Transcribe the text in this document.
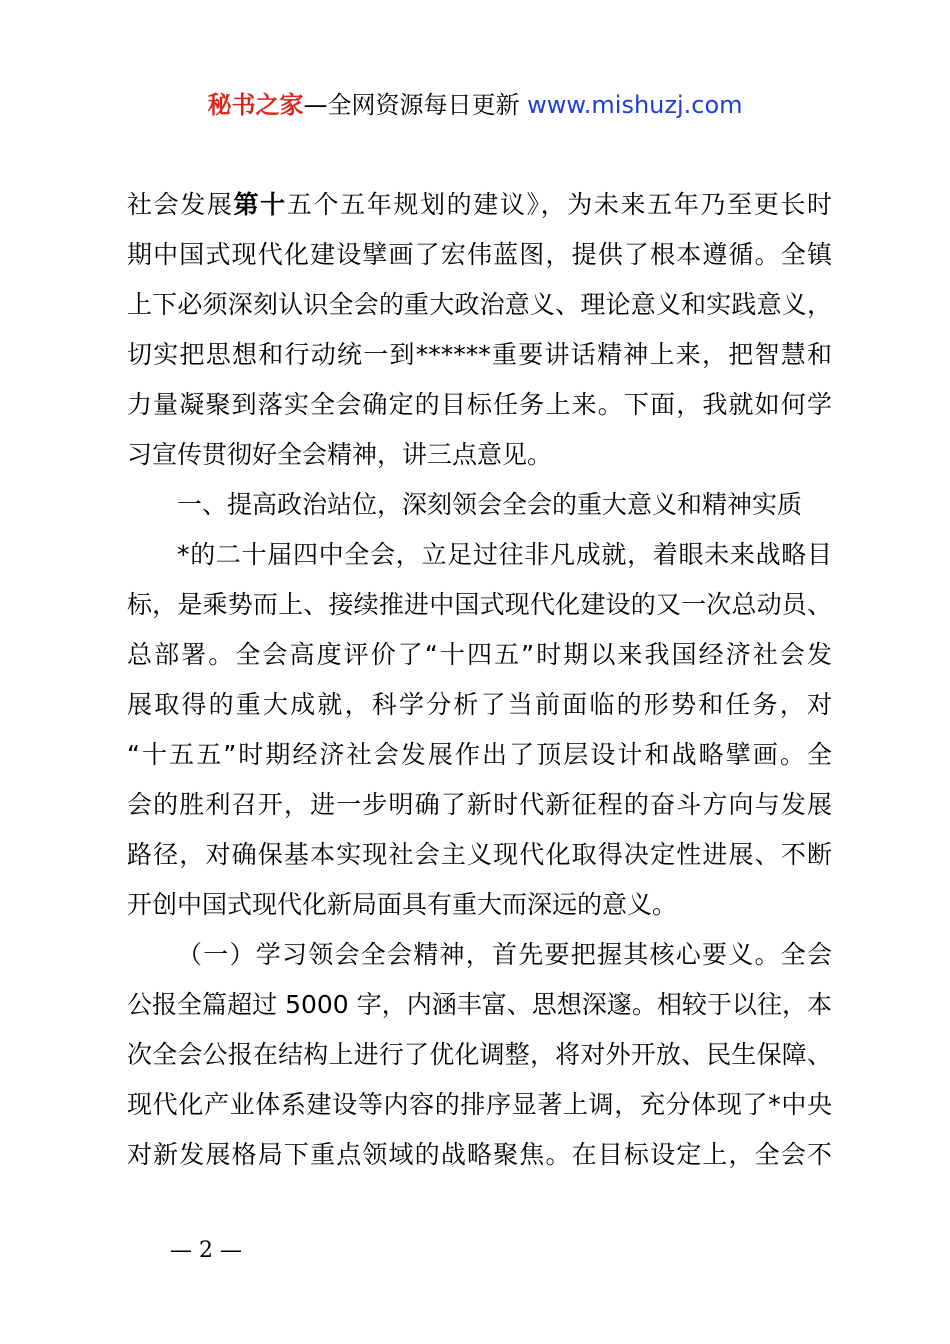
秘书之家—全网资源每日更新 www.mishuzj.com
社会发展第十五个五年规划的建议》，为未来五年乃至更长时
期中国式现代化建设擘画了宏伟蓝图，提供了根本遵循。全镇
上下必须深刻认识全会的重大政治意义、理论意义和实践意义，
切实把思想和行动统一到******重要讲话精神上来，把智慧和
力量凝聚到落实全会确定的目标任务上来。下面，我就如何学
习宣传贯彻好全会精神，讲三点意见。
一、提高政治站位，深刻领会全会的重大意义和精神实质
*的二十届四中全会，立足过往非凡成就，着眼未来战略目
标，是乘势而上、接续推进中国式现代化建设的又一次总动员、
总部署。全会高度评价了“十四五”时期以来我国经济社会发
展取得的重大成就，科学分析了当前面临的形势和任务，对
“十五五”时期经济社会发展作出了顶层设计和战略擘画。全
会的胜利召开，进一步明确了新时代新征程的奋斗方向与发展
路径，对确保基本实现社会主义现代化取得决定性进展、不断
开创中国式现代化新局面具有重大而深远的意义。
（一）学习领会全会精神，首先要把握其核心要义。全会
公报全篇超过 5000 字，内涵丰富、思想深邃。相较于以往，本
次全会公报在结构上进行了优化调整，将对外开放、民生保障、
现代化产业体系建设等内容的排序显著上调，充分体现了*中央
对新发展格局下重点领域的战略聚焦。在目标设定上，全会不
— 2 —
